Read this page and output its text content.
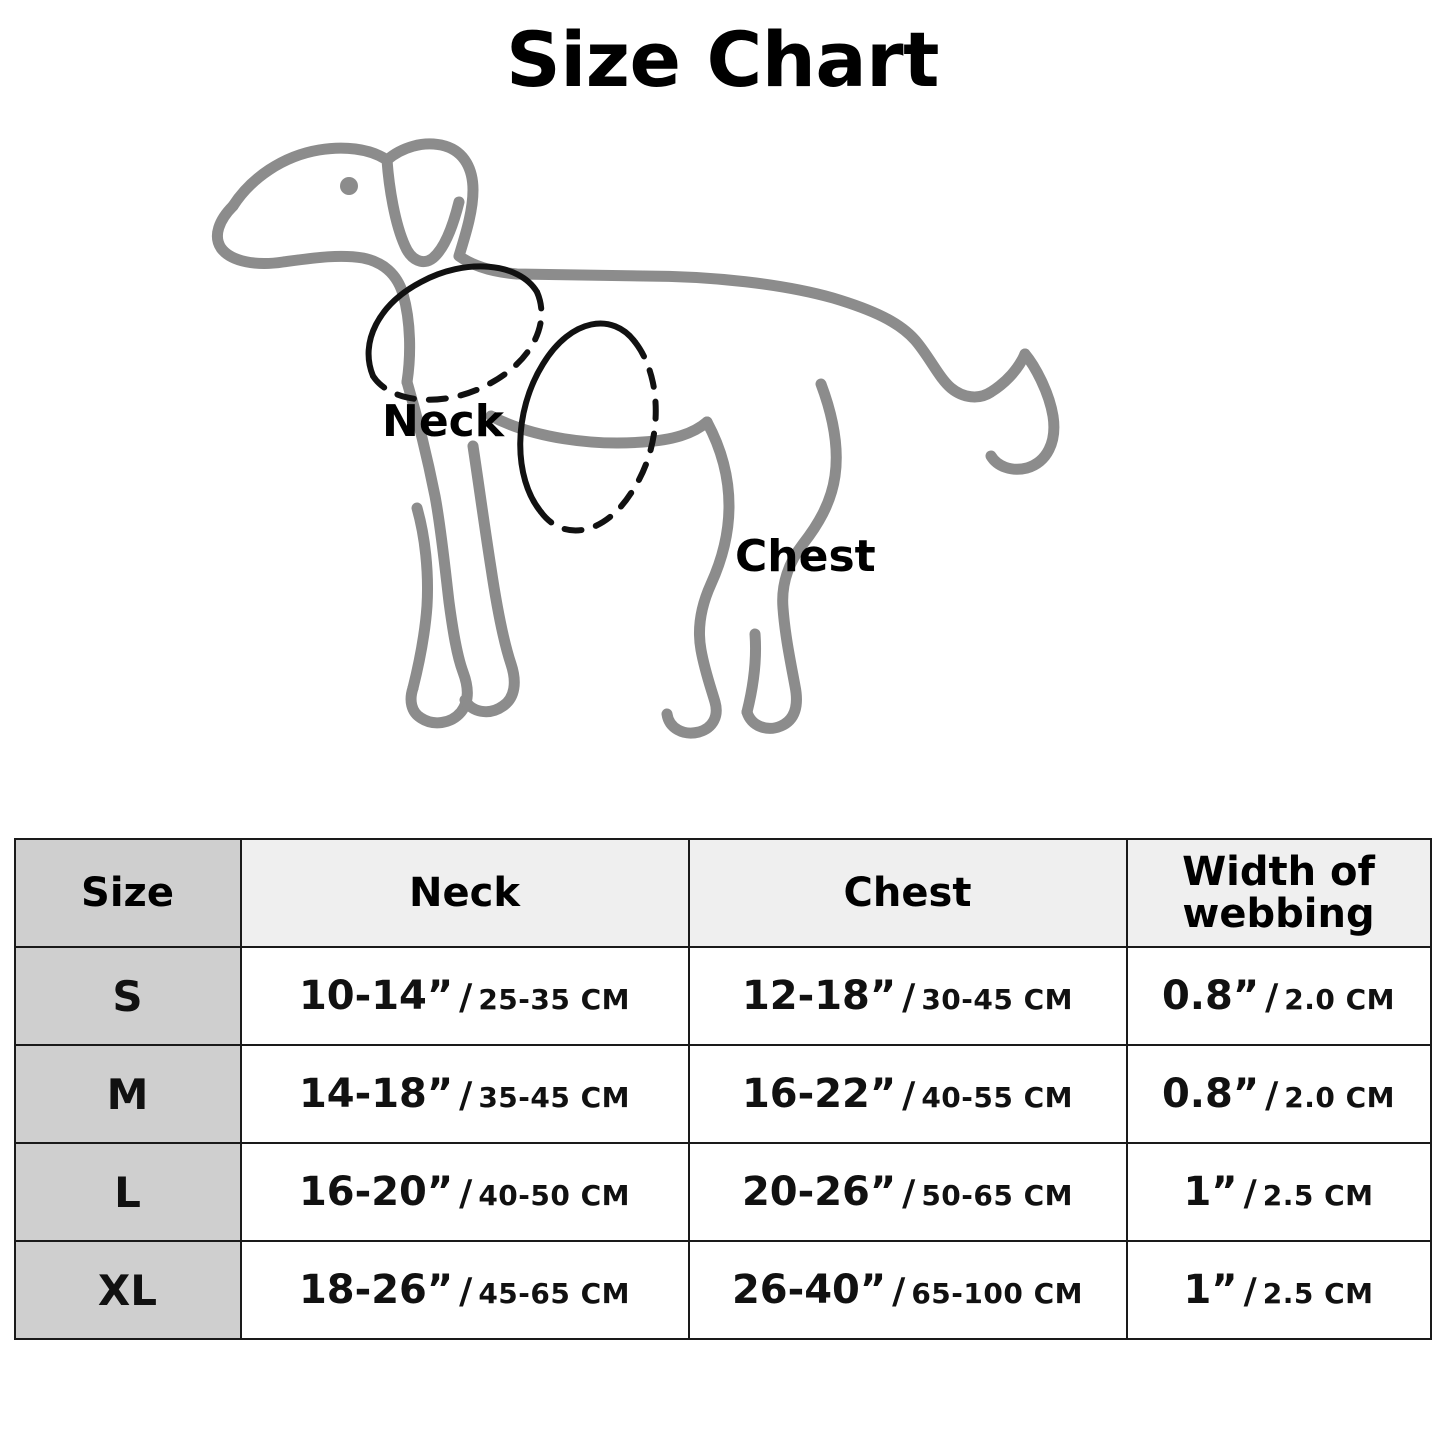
Size Chart
Neck
Chest
Size	Neck	Chest	Width of
webbing

S	10-14” / 25-35 CM	12-18” / 30-45 CM	0.8” / 2.0 CM
M	14-18” / 35-45 CM	16-22” / 40-55 CM	0.8” / 2.0 CM
L	16-20” / 40-50 CM	20-26” / 50-65 CM	1” / 2.5 CM
XL	18-26” / 45-65 CM	26-40” / 65-100 CM	1” / 2.5 CM
